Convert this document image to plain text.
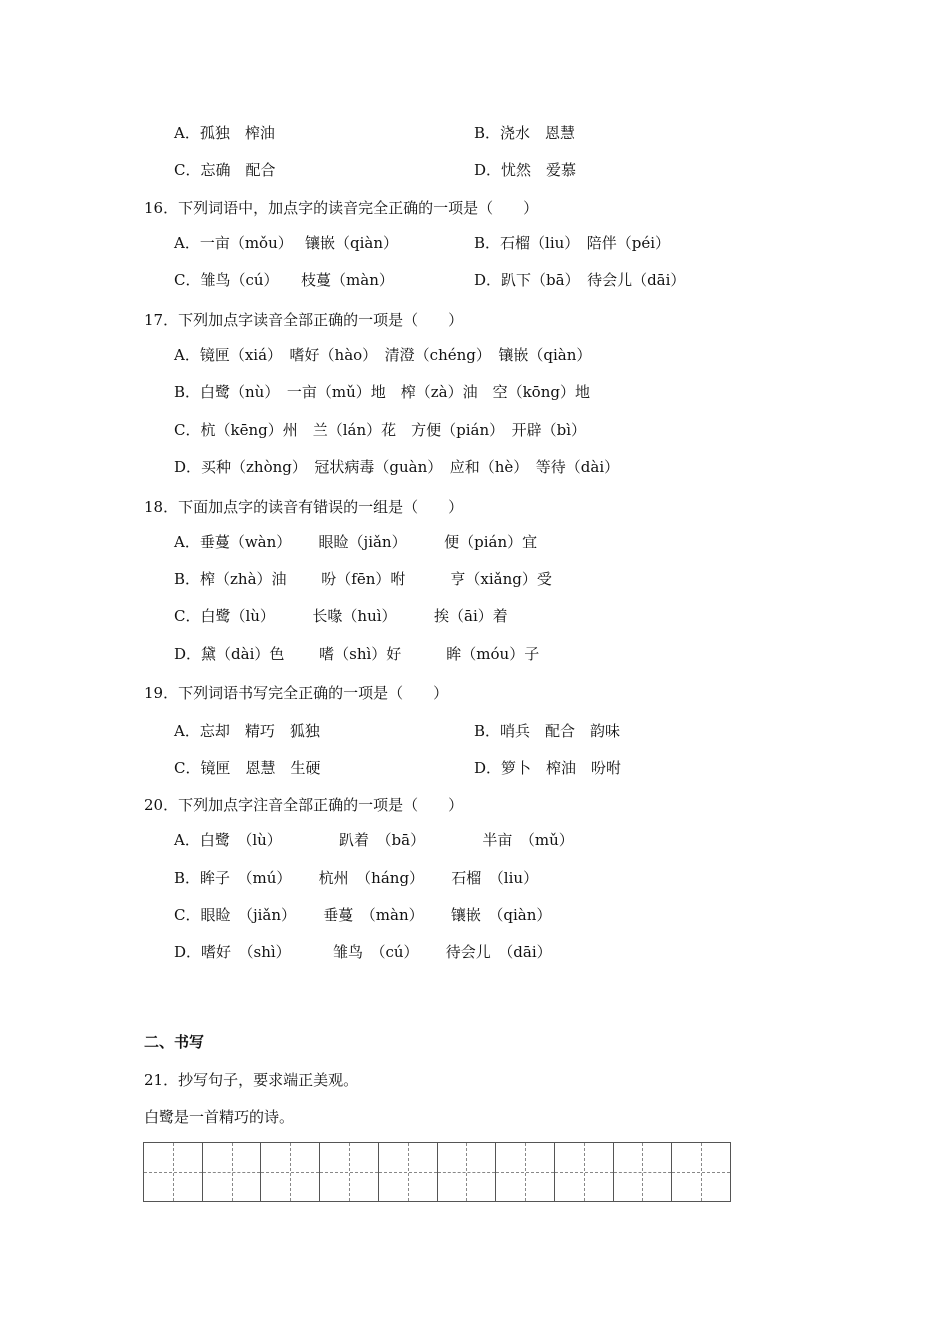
A．孤独　榨油	B．浇水　恩慧
C．忘确　配合	D．忧然　爱慕
16．下列词语中，加点字的读音完全正确的一项是（　　）
A．一亩（mǒu）　 镶嵌（qiàn）	B．石榴（liu）　陪伴（péi）
C．雏鸟（cú）　　枝蔓（màn）	D．趴下（bā）　待会儿（dāi）
17．下列加点字读音全部正确的一项是（　　）
A．镜匣（xiá）　嗜好（hào）　清澄（chéng）　镶嵌（qiàn）
B．白鹭（nù）　一亩（mǔ）地　榨（zà）油　空（kōng）地
C．杭（kēng）州　兰（lán）花　方便（pián）　开辟（bì）
D．买种（zhòng）　冠状病毒（guàn）　应和（hè）　等待（dài）
18．下面加点字的读音有错误的一组是（　　）
A．垂蔓（wàn）　　 眼睑（jiǎn）　　　便（pián）宜
B．榨（zhà）油　　 吩（fēn）咐　　　亨（xiǎng）受
C．白鹭（lù）　　　长喙（huì）　　　挨（āi）着
D．黛（dài）色　　 嗜（shì）好　　　眸（móu）子
19．下列词语书写完全正确的一项是（　　）
A．忘却　精巧　狐独	B．哨兵　配合　韵味
C．镜匣　恩慧　生硬	D．箩卜　榨油　吩咐
20．下列加点字注音全部正确的一项是（　　）
A．白鹭　（lù）　　　　 趴着　（bā）　　　　 半亩　（mǔ）
B．眸子　（mú）　　 杭州　（háng）　　 石榴　（liu）
C．眼睑　（jiǎn）　　 垂蔓　（màn）　　 镶嵌　（qiàn）
D．嗜好　（shì）　　　 雏鸟　（cú）　　 待会儿　（dāi）
二、书写
21．抄写句子，要求端正美观。
白鹭是一首精巧的诗。
